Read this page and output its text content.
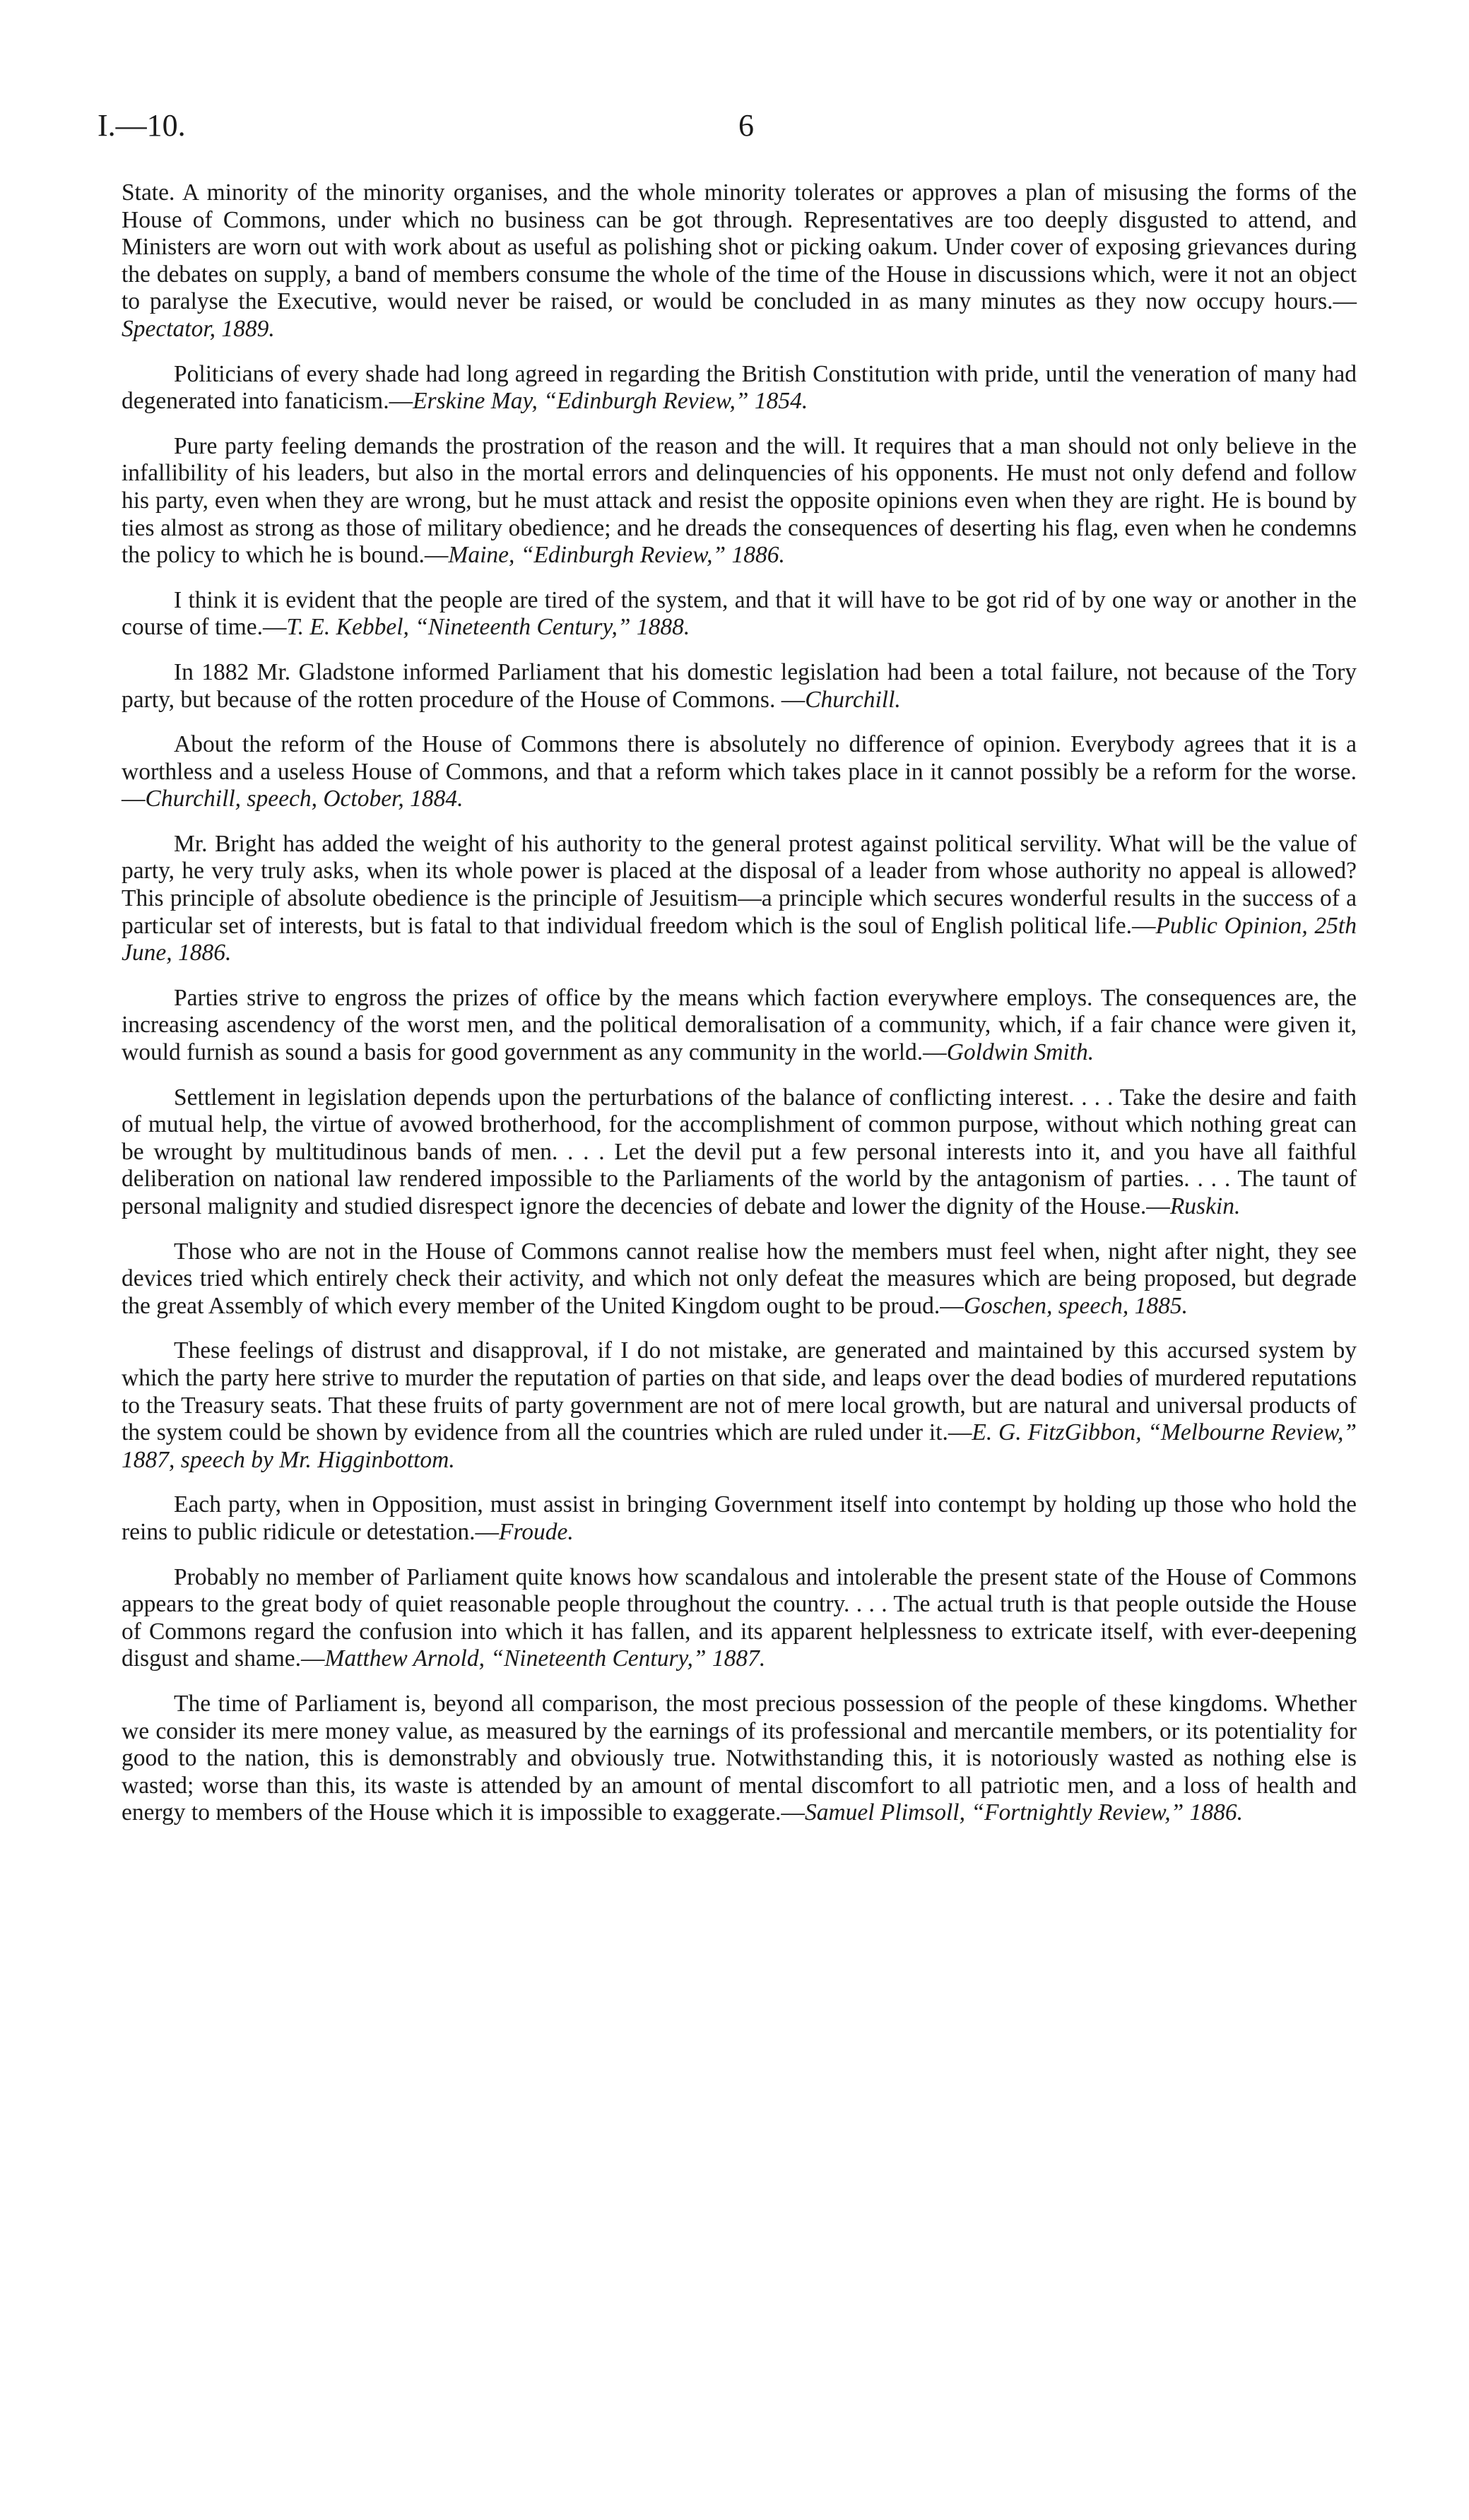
I.—10.	6

State. A minority of the minority organises, and the whole minority tolerates or approves a plan of misusing the forms of the House of Commons, under which no business can be got through. Representatives are too deeply disgusted to attend, and Ministers are worn out with work about as useful as polishing shot or picking oakum. Under cover of exposing grievances during the debates on supply, a band of members consume the whole of the time of the House in discussions which, were it not an object to paralyse the Executive, would never be raised, or would be concluded in as many minutes as they now occupy hours.—Spectator, 1889.

Politicians of every shade had long agreed in regarding the British Constitution with pride, until the veneration of many had degenerated into fanaticism.—Erskine May, “Edinburgh Review,” 1854.

Pure party feeling demands the prostration of the reason and the will. It requires that a man should not only believe in the infallibility of his leaders, but also in the mortal errors and delinquencies of his opponents. He must not only defend and follow his party, even when they are wrong, but he must attack and resist the opposite opinions even when they are right. He is bound by ties almost as strong as those of military obedience; and he dreads the consequences of deserting his flag, even when he condemns the policy to which he is bound.—Maine, “Edinburgh Review,” 1886.

I think it is evident that the people are tired of the system, and that it will have to be got rid of by one way or another in the course of time.—T. E. Kebbel, “Nineteenth Century,” 1888.

In 1882 Mr. Gladstone informed Parliament that his domestic legislation had been a total failure, not because of the Tory party, but because of the rotten procedure of the House of Commons. —Churchill.

About the reform of the House of Commons there is absolutely no difference of opinion. Everybody agrees that it is a worthless and a useless House of Commons, and that a reform which takes place in it cannot possibly be a reform for the worse.—Churchill, speech, October, 1884.

Mr. Bright has added the weight of his authority to the general protest against political servility. What will be the value of party, he very truly asks, when its whole power is placed at the disposal of a leader from whose authority no appeal is allowed? This principle of absolute obedience is the principle of Jesuitism—a principle which secures wonderful results in the success of a particular set of interests, but is fatal to that individual freedom which is the soul of English political life.—Public Opinion, 25th June, 1886.

Parties strive to engross the prizes of office by the means which faction everywhere employs. The consequences are, the increasing ascendency of the worst men, and the political demoralisation of a community, which, if a fair chance were given it, would furnish as sound a basis for good government as any community in the world.—Goldwin Smith.

Settlement in legislation depends upon the perturbations of the balance of conflicting interest. . . . Take the desire and faith of mutual help, the virtue of avowed brotherhood, for the accomplishment of common purpose, without which nothing great can be wrought by multitudinous bands of men. . . . Let the devil put a few personal interests into it, and you have all faithful deliberation on national law rendered impossible to the Parliaments of the world by the antagonism of parties. . . . The taunt of personal malignity and studied disrespect ignore the decencies of debate and lower the dignity of the House.—Ruskin.

Those who are not in the House of Commons cannot realise how the members must feel when, night after night, they see devices tried which entirely check their activity, and which not only defeat the measures which are being proposed, but degrade the great Assembly of which every member of the United Kingdom ought to be proud.—Goschen, speech, 1885.

These feelings of distrust and disapproval, if I do not mistake, are generated and maintained by this accursed system by which the party here strive to murder the reputation of parties on that side, and leaps over the dead bodies of murdered reputations to the Treasury seats. That these fruits of party government are not of mere local growth, but are natural and universal products of the system could be shown by evidence from all the countries which are ruled under it.—E. G. FitzGibbon, “Melbourne Review,” 1887, speech by Mr. Higginbottom.

Each party, when in Opposition, must assist in bringing Government itself into contempt by holding up those who hold the reins to public ridicule or detestation.—Froude.

Probably no member of Parliament quite knows how scandalous and intolerable the present state of the House of Commons appears to the great body of quiet reasonable people throughout the country. . . . The actual truth is that people outside the House of Commons regard the confusion into which it has fallen, and its apparent helplessness to extricate itself, with ever-deepening disgust and shame.—Matthew Arnold, “Nineteenth Century,” 1887.

The time of Parliament is, beyond all comparison, the most precious possession of the people of these kingdoms. Whether we consider its mere money value, as measured by the earnings of its professional and mercantile members, or its potentiality for good to the nation, this is demonstrably and obviously true. Notwithstanding this, it is notoriously wasted as nothing else is wasted; worse than this, its waste is attended by an amount of mental discomfort to all patriotic men, and a loss of health and energy to members of the House which it is impossible to exaggerate.—Samuel Plimsoll, “Fortnightly Review,” 1886.
